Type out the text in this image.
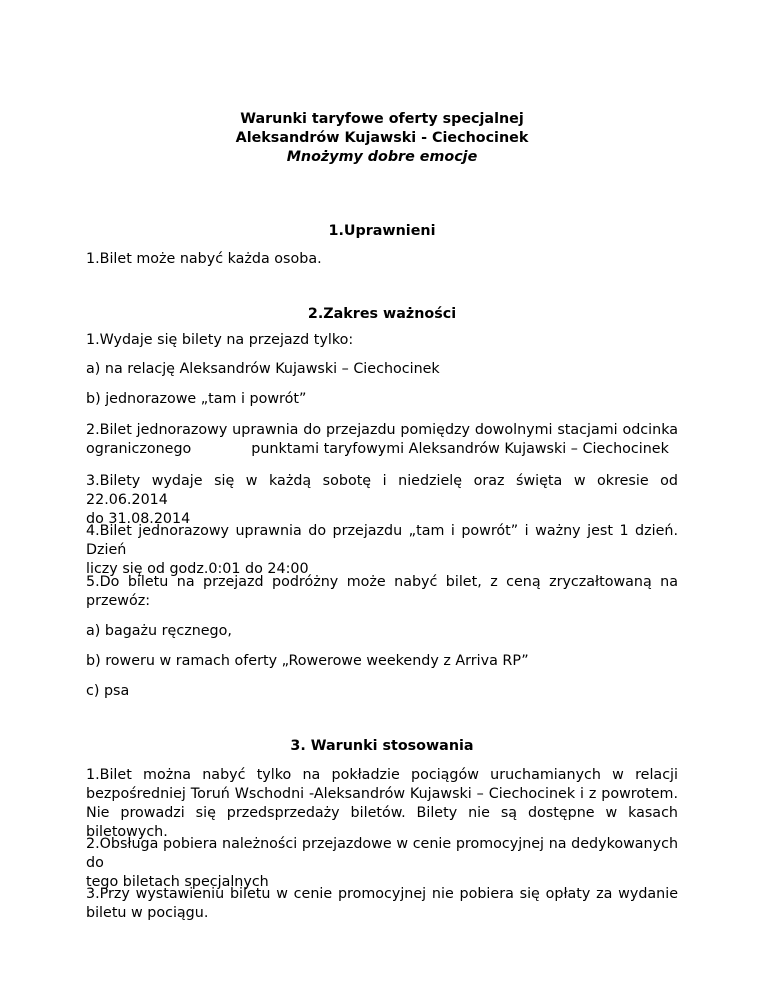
Warunki taryfowe oferty specjalnej
Aleksandrów Kujawski - Ciechocinek
Mnożymy dobre emocje
1.Uprawnieni
1.Bilet może nabyć każda osoba.
2.Zakres ważności
1.Wydaje się bilety na przejazd tylko:
a) na relację Aleksandrów Kujawski – Ciechocinek
b) jednorazowe „tam i powrót”
2.Bilet jednorazowy uprawnia do przejazdu pomiędzy dowolnymi stacjami odcinka
ograniczonego	punktami taryfowymi Aleksandrów Kujawski – Ciechocinek
3.Bilety wydaje się w każdą sobotę i niedzielę oraz święta w okresie od 22.06.2014
do 31.08.2014
4.Bilet jednorazowy uprawnia do przejazdu „tam i powrót” i ważny jest 1 dzień. Dzień
liczy się od godz.0:01 do 24:00
5.Do biletu na przejazd podróżny może nabyć bilet, z ceną zryczałtowaną na
przewóz:
a) bagażu ręcznego,
b) roweru w ramach oferty „Rowerowe weekendy z Arriva RP”
c) psa
3. Warunki stosowania
1.Bilet można nabyć tylko na pokładzie pociągów uruchamianych w relacji
bezpośredniej Toruń Wschodni -Aleksandrów Kujawski – Ciechocinek i z powrotem.
Nie prowadzi się przedsprzedaży biletów. Bilety nie są dostępne w kasach biletowych.
2.Obsługa pobiera należności przejazdowe w cenie promocyjnej na dedykowanych do
tego biletach specjalnych
3.Przy wystawieniu biletu w cenie promocyjnej nie pobiera się opłaty za wydanie
biletu w pociągu.
